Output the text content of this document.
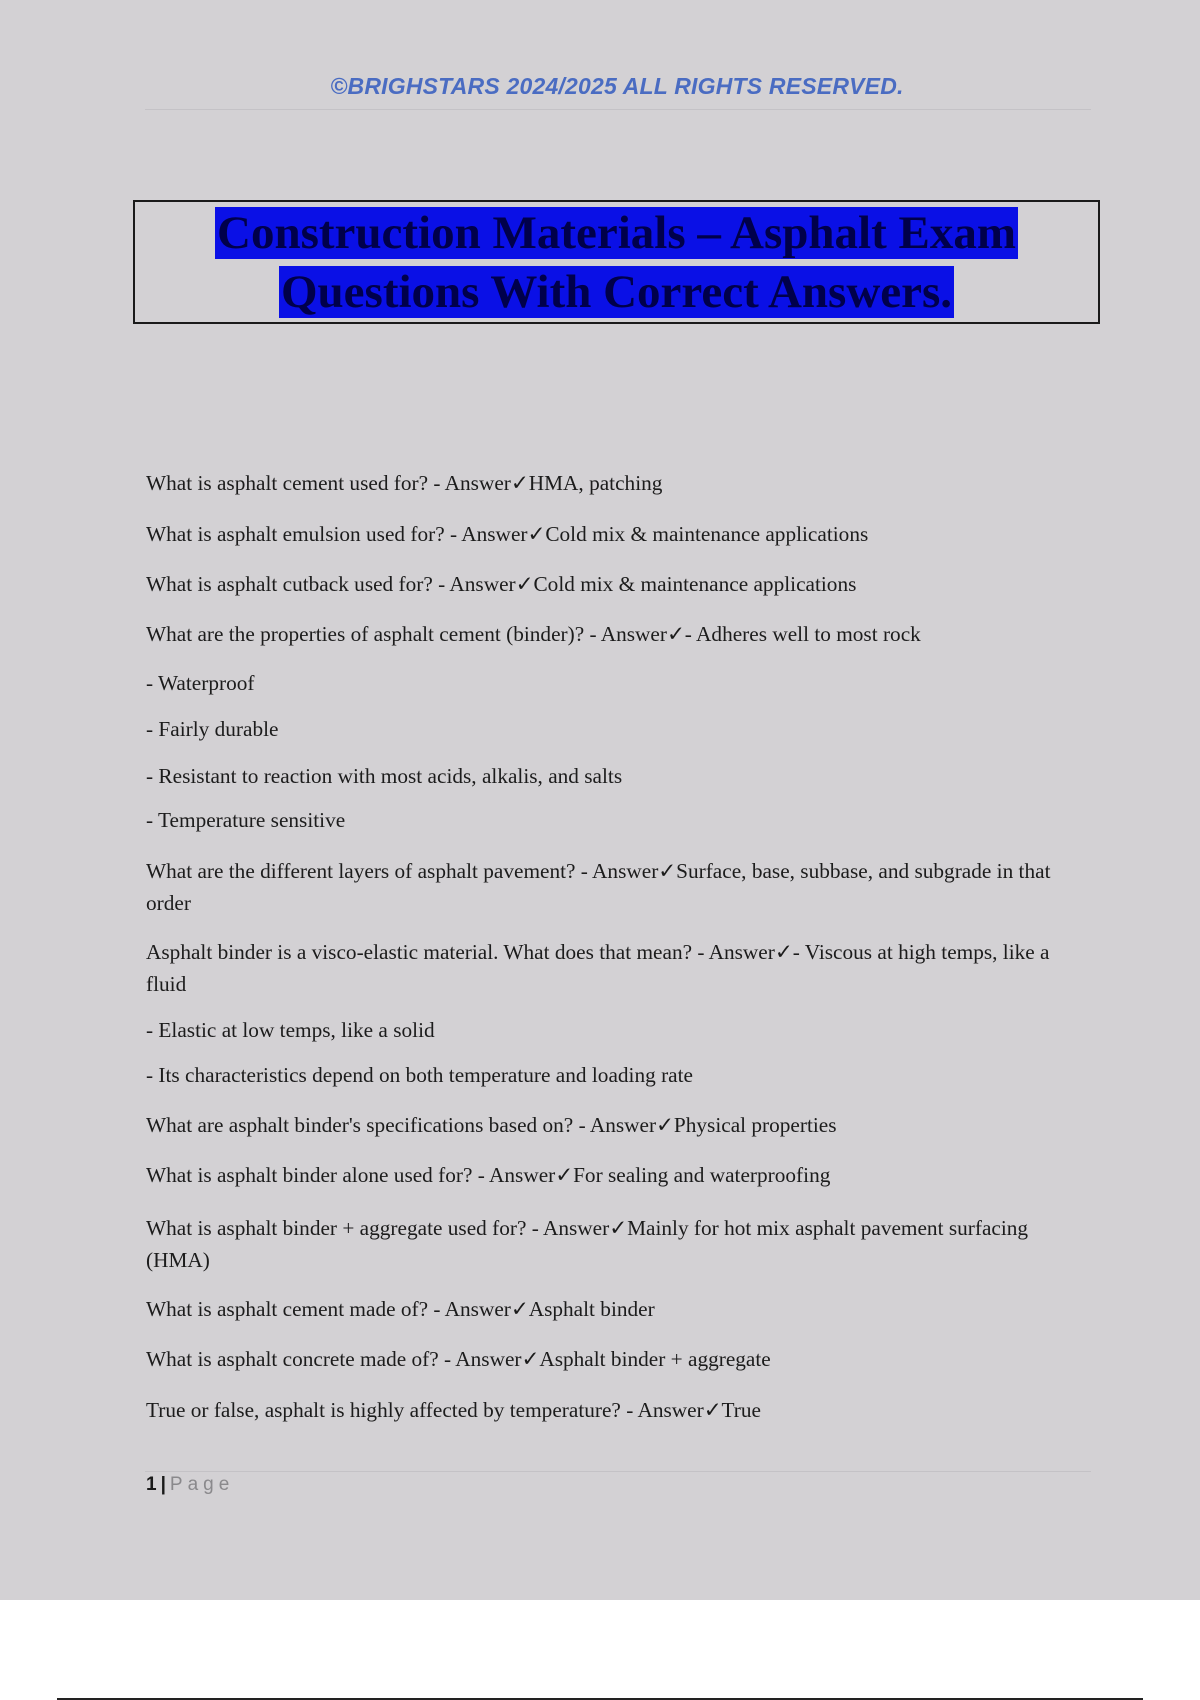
©BRIGHSTARS 2024/2025 ALL RIGHTS RESERVED.
Construction Materials – Asphalt Exam
Questions With Correct Answers.
What is asphalt cement used for? - Answer✓HMA, patching
What is asphalt emulsion used for? - Answer✓Cold mix & maintenance applications
What is asphalt cutback used for? - Answer✓Cold mix & maintenance applications
What are the properties of asphalt cement (binder)? - Answer✓- Adheres well to most rock
- Waterproof
- Fairly durable
- Resistant to reaction with most acids, alkalis, and salts
- Temperature sensitive
What are the different layers of asphalt pavement? - Answer✓Surface, base, subbase, and subgrade in that order
Asphalt binder is a visco-elastic material. What does that mean? - Answer✓- Viscous at high temps, like a fluid
- Elastic at low temps, like a solid
- Its characteristics depend on both temperature and loading rate
What are asphalt binder's specifications based on? - Answer✓Physical properties
What is asphalt binder alone used for? - Answer✓For sealing and waterproofing
What is asphalt binder + aggregate used for? - Answer✓Mainly for hot mix asphalt pavement surfacing (HMA)
What is asphalt cement made of? - Answer✓Asphalt binder
What is asphalt concrete made of? - Answer✓Asphalt binder + aggregate
True or false, asphalt is highly affected by temperature? - Answer✓True
1 | Page
